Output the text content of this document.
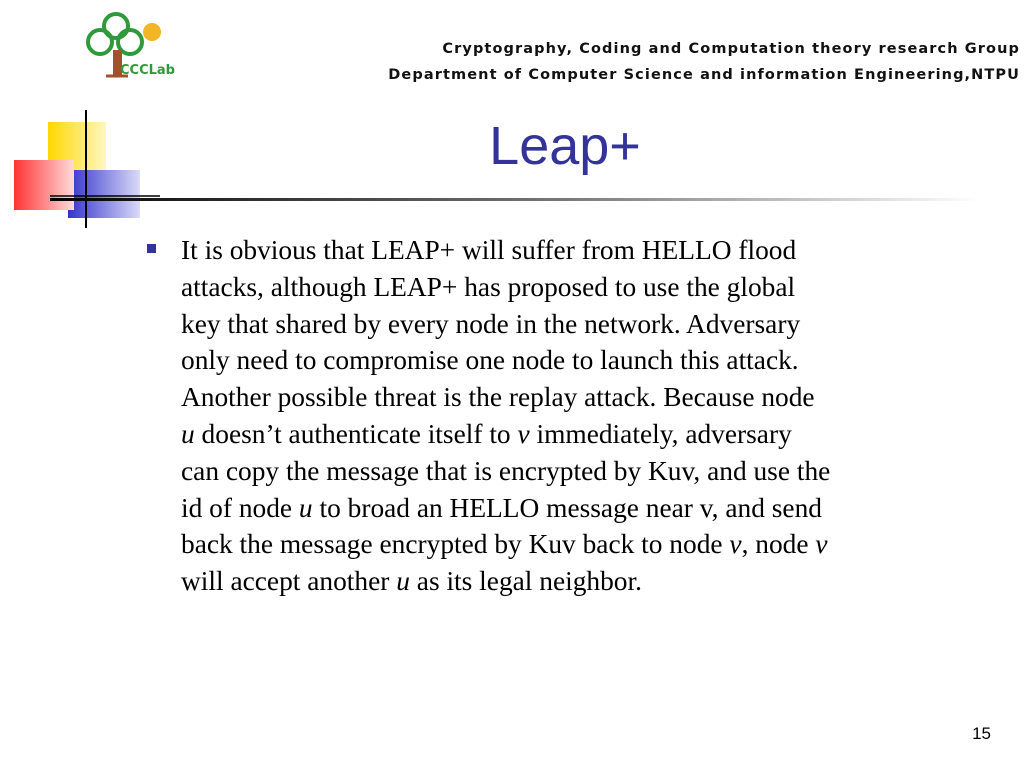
CCCLab
Cryptography, Coding and Computation theory research Group
Department of Computer Science and information Engineering,NTPU
Leap+
It is obvious that LEAP+ will suffer from HELLO flood
attacks, although LEAP+ has proposed to use the global
key that shared by every node in the network. Adversary
only need to compromise one node to launch this attack.
Another possible threat is the replay attack. Because node
u doesn’t authenticate itself to v immediately, adversary
can copy the message that is encrypted by Kuv, and use the
id of node u to broad an HELLO message near v, and send
back the message encrypted by Kuv back to node v, node v
will accept another u as its legal neighbor.
15
